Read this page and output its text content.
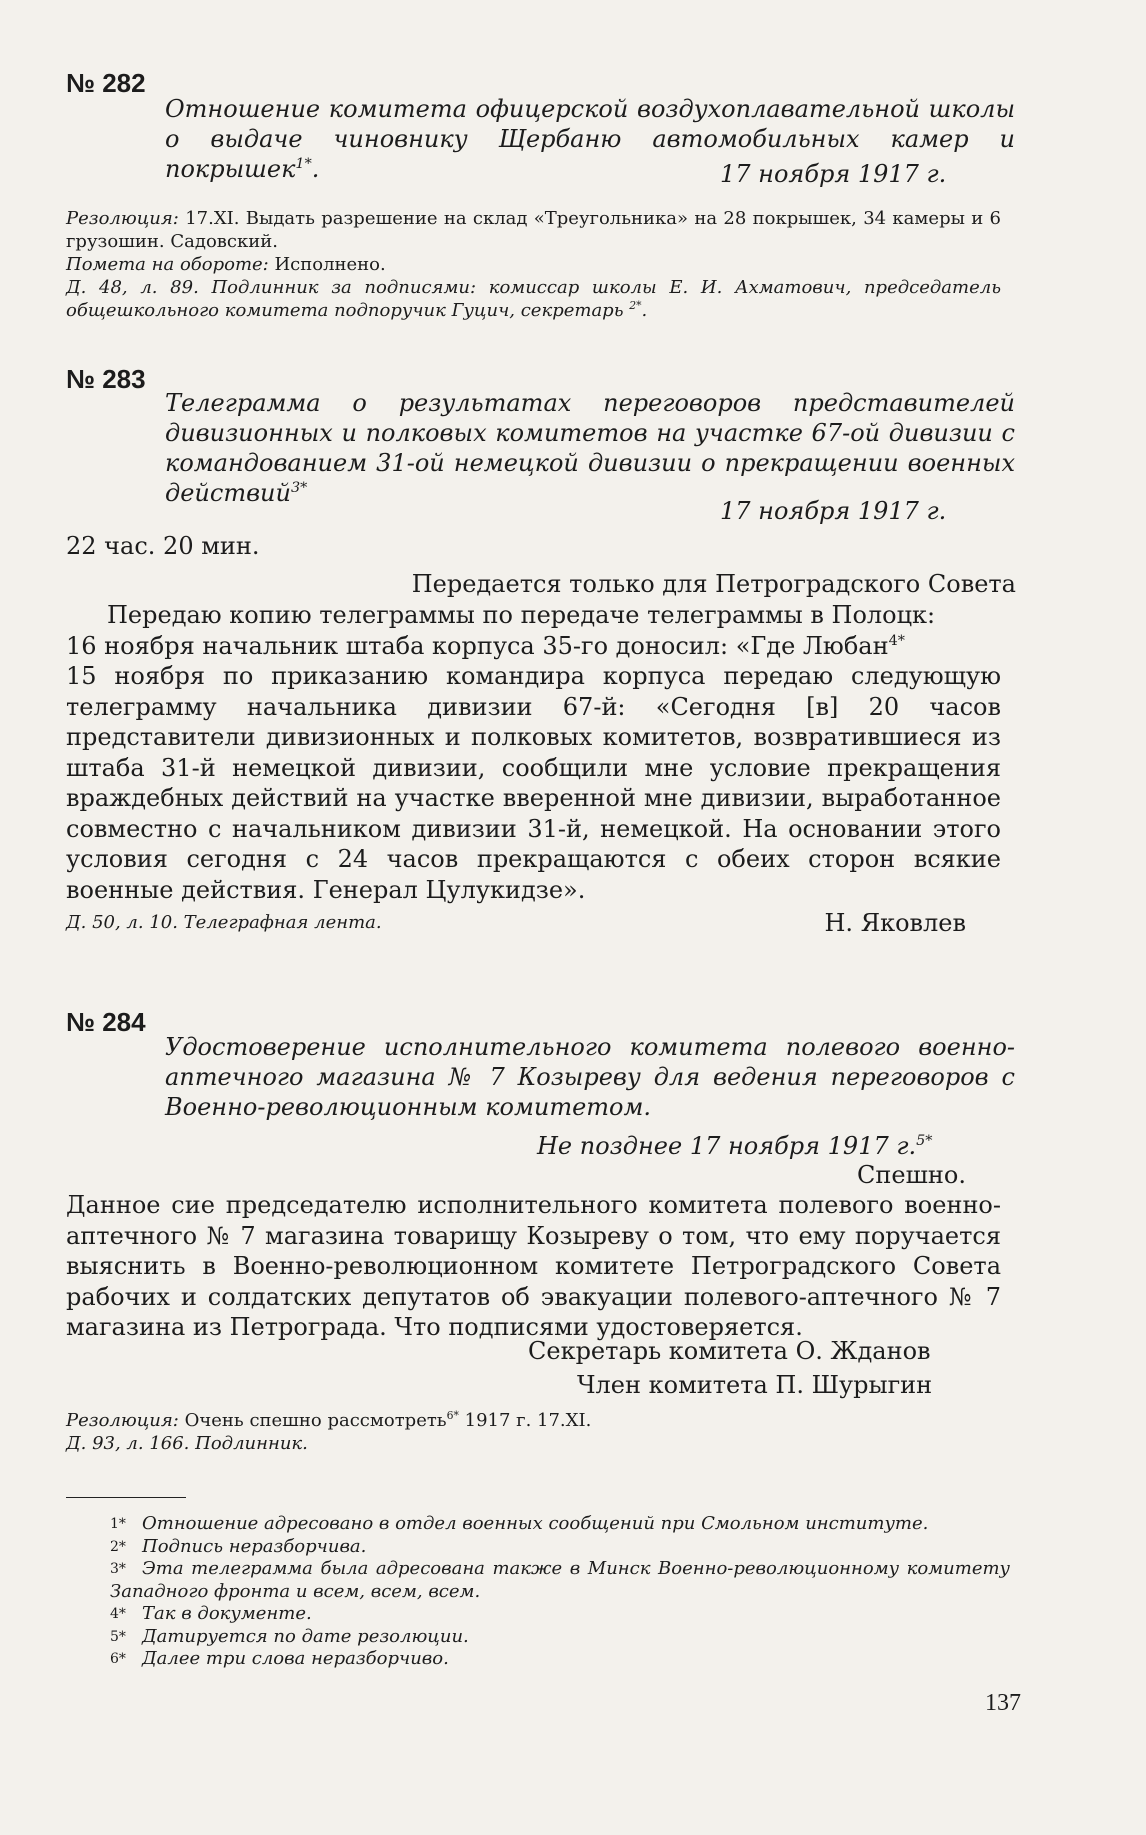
№ 282
Отношение комитета офицерской воздухоплавательной школы о выдаче чиновнику Щербаню автомобильных камер и покрышек$^{1*}$.	17 ноября 1917 г.
Резолюция: 17.XI. Выдать разрешение на склад «Треугольника» на 28 покрышек, 34 камеры и 6 грузошин. Садовский.
Помета на обороте: Исполнено.
Д. 48, л. 89. Подлинник за подписями: комиссар школы Е. И. Ахматович, председатель общешкольного комитета подпоручик Гуцич, секретарь $^{2*}$.
№ 283
Телеграмма о результатах переговоров представителей дивизионных и полковых комитетов на участке 67-ой дивизии с командованием 31-ой немецкой дивизии о прекращении военных действий$^{3*}$
17 ноября 1917 г.
22 час. 20 мин.
Передается только для Петроградского Совета
Передаю копию телеграммы по передаче телеграммы в Полоцк:
16 ноября начальник штаба корпуса 35-го доносил: «Где Любан$^{4*}$
15 ноября по приказанию командира корпуса передаю следующую телеграмму начальника дивизии 67-й: «Сегодня [в] 20 часов представители дивизионных и полковых комитетов, возвратившиеся из штаба 31-й немецкой дивизии, сообщили мне условие прекращения враждебных действий на участке вверенной мне дивизии, выработанное совместно с начальником дивизии 31-й, немецкой. На основании этого условия сегодня с 24 часов прекращаются с обеих сторон всякие военные действия. Генерал Цулукидзе».
Н. Яковлев
Д. 50, л. 10. Телеграфная лента.
№ 284
Удостоверение исполнительного комитета полевого военно-аптечного магазина № 7 Козыреву для ведения переговоров с Военно-революционным комитетом.
Не позднее 17 ноября 1917 г.$^{5*}$
Спешно.
Данное сие председателю исполнительного комитета полевого военно-аптечного № 7 магазина товарищу Козыреву о том, что ему поручается выяснить в Военно-революционном комитете Петроградского Совета рабочих и солдатских депутатов об эвакуации полевого-аптечного № 7 магазина из Петрограда. Что подписями удостоверяется.
Секретарь комитета О. Жданов
Член комитета П. Шурыгин
Резолюция: Очень спешно рассмотреть$^{6*}$ 1917 г. 17.XI.
Д. 93, л. 166. Подлинник.
1* Отношение адресовано в отдел военных сообщений при Смольном институте.
2* Подпись неразборчива.
3* Эта телеграмма была адресована также в Минск Военно-революционному комитету Западного фронта и всем, всем, всем.
4* Так в документе.
5* Датируется по дате резолюции.
6* Далее три слова неразборчиво.
137
